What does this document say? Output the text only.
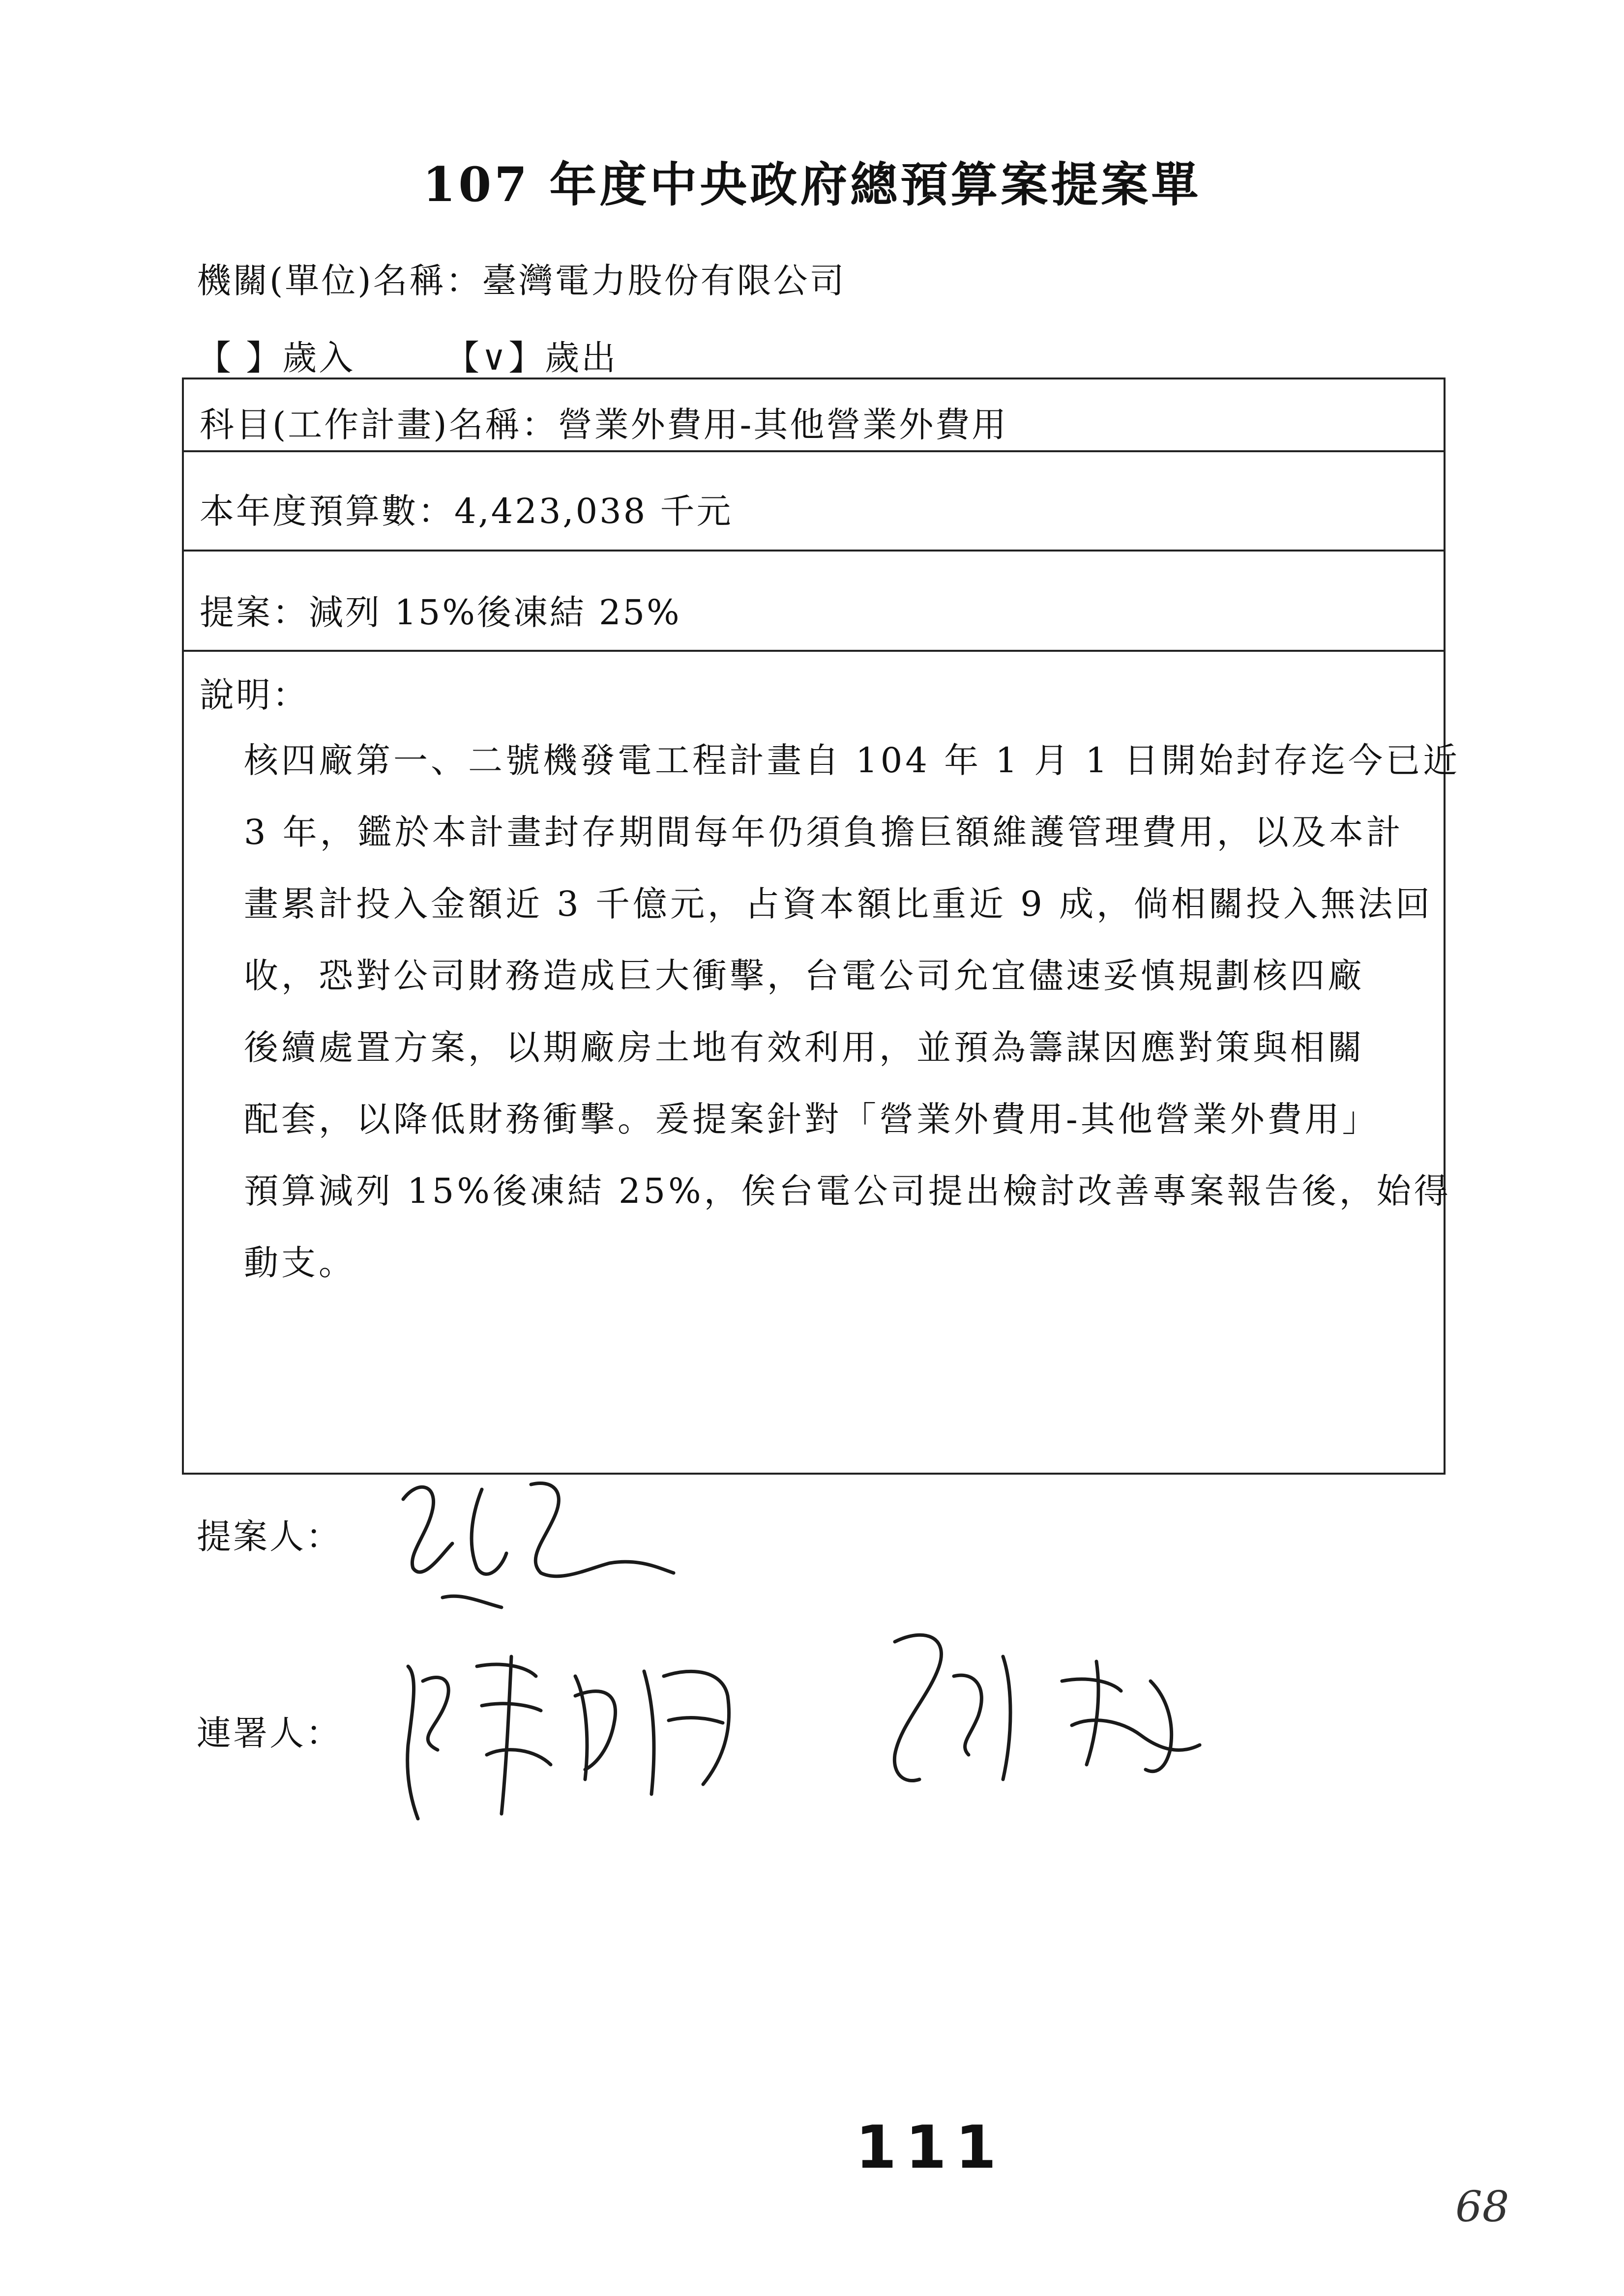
107 年度中央政府總預算案提案單
機關(單位)名稱：臺灣電力股份有限公司
【 】歲入	【∨】歲出
科目(工作計畫)名稱：營業外費用-其他營業外費用
本年度預算數：4,423,038 千元
提案：減列 15%後凍結 25%
說明：
核四廠第一、二號機發電工程計畫自 104 年 1 月 1 日開始封存迄今已近
3 年，鑑於本計畫封存期間每年仍須負擔巨額維護管理費用，以及本計
畫累計投入金額近 3 千億元，占資本額比重近 9 成，倘相關投入無法回
收，恐對公司財務造成巨大衝擊，台電公司允宜儘速妥慎規劃核四廠
後續處置方案，以期廠房土地有效利用，並預為籌謀因應對策與相關
配套，以降低財務衝擊。爰提案針對「營業外費用-其他營業外費用」
預算減列 15%後凍結 25%，俟台電公司提出檢討改善專案報告後，始得
動支。
提案人：
連署人：
111
68
